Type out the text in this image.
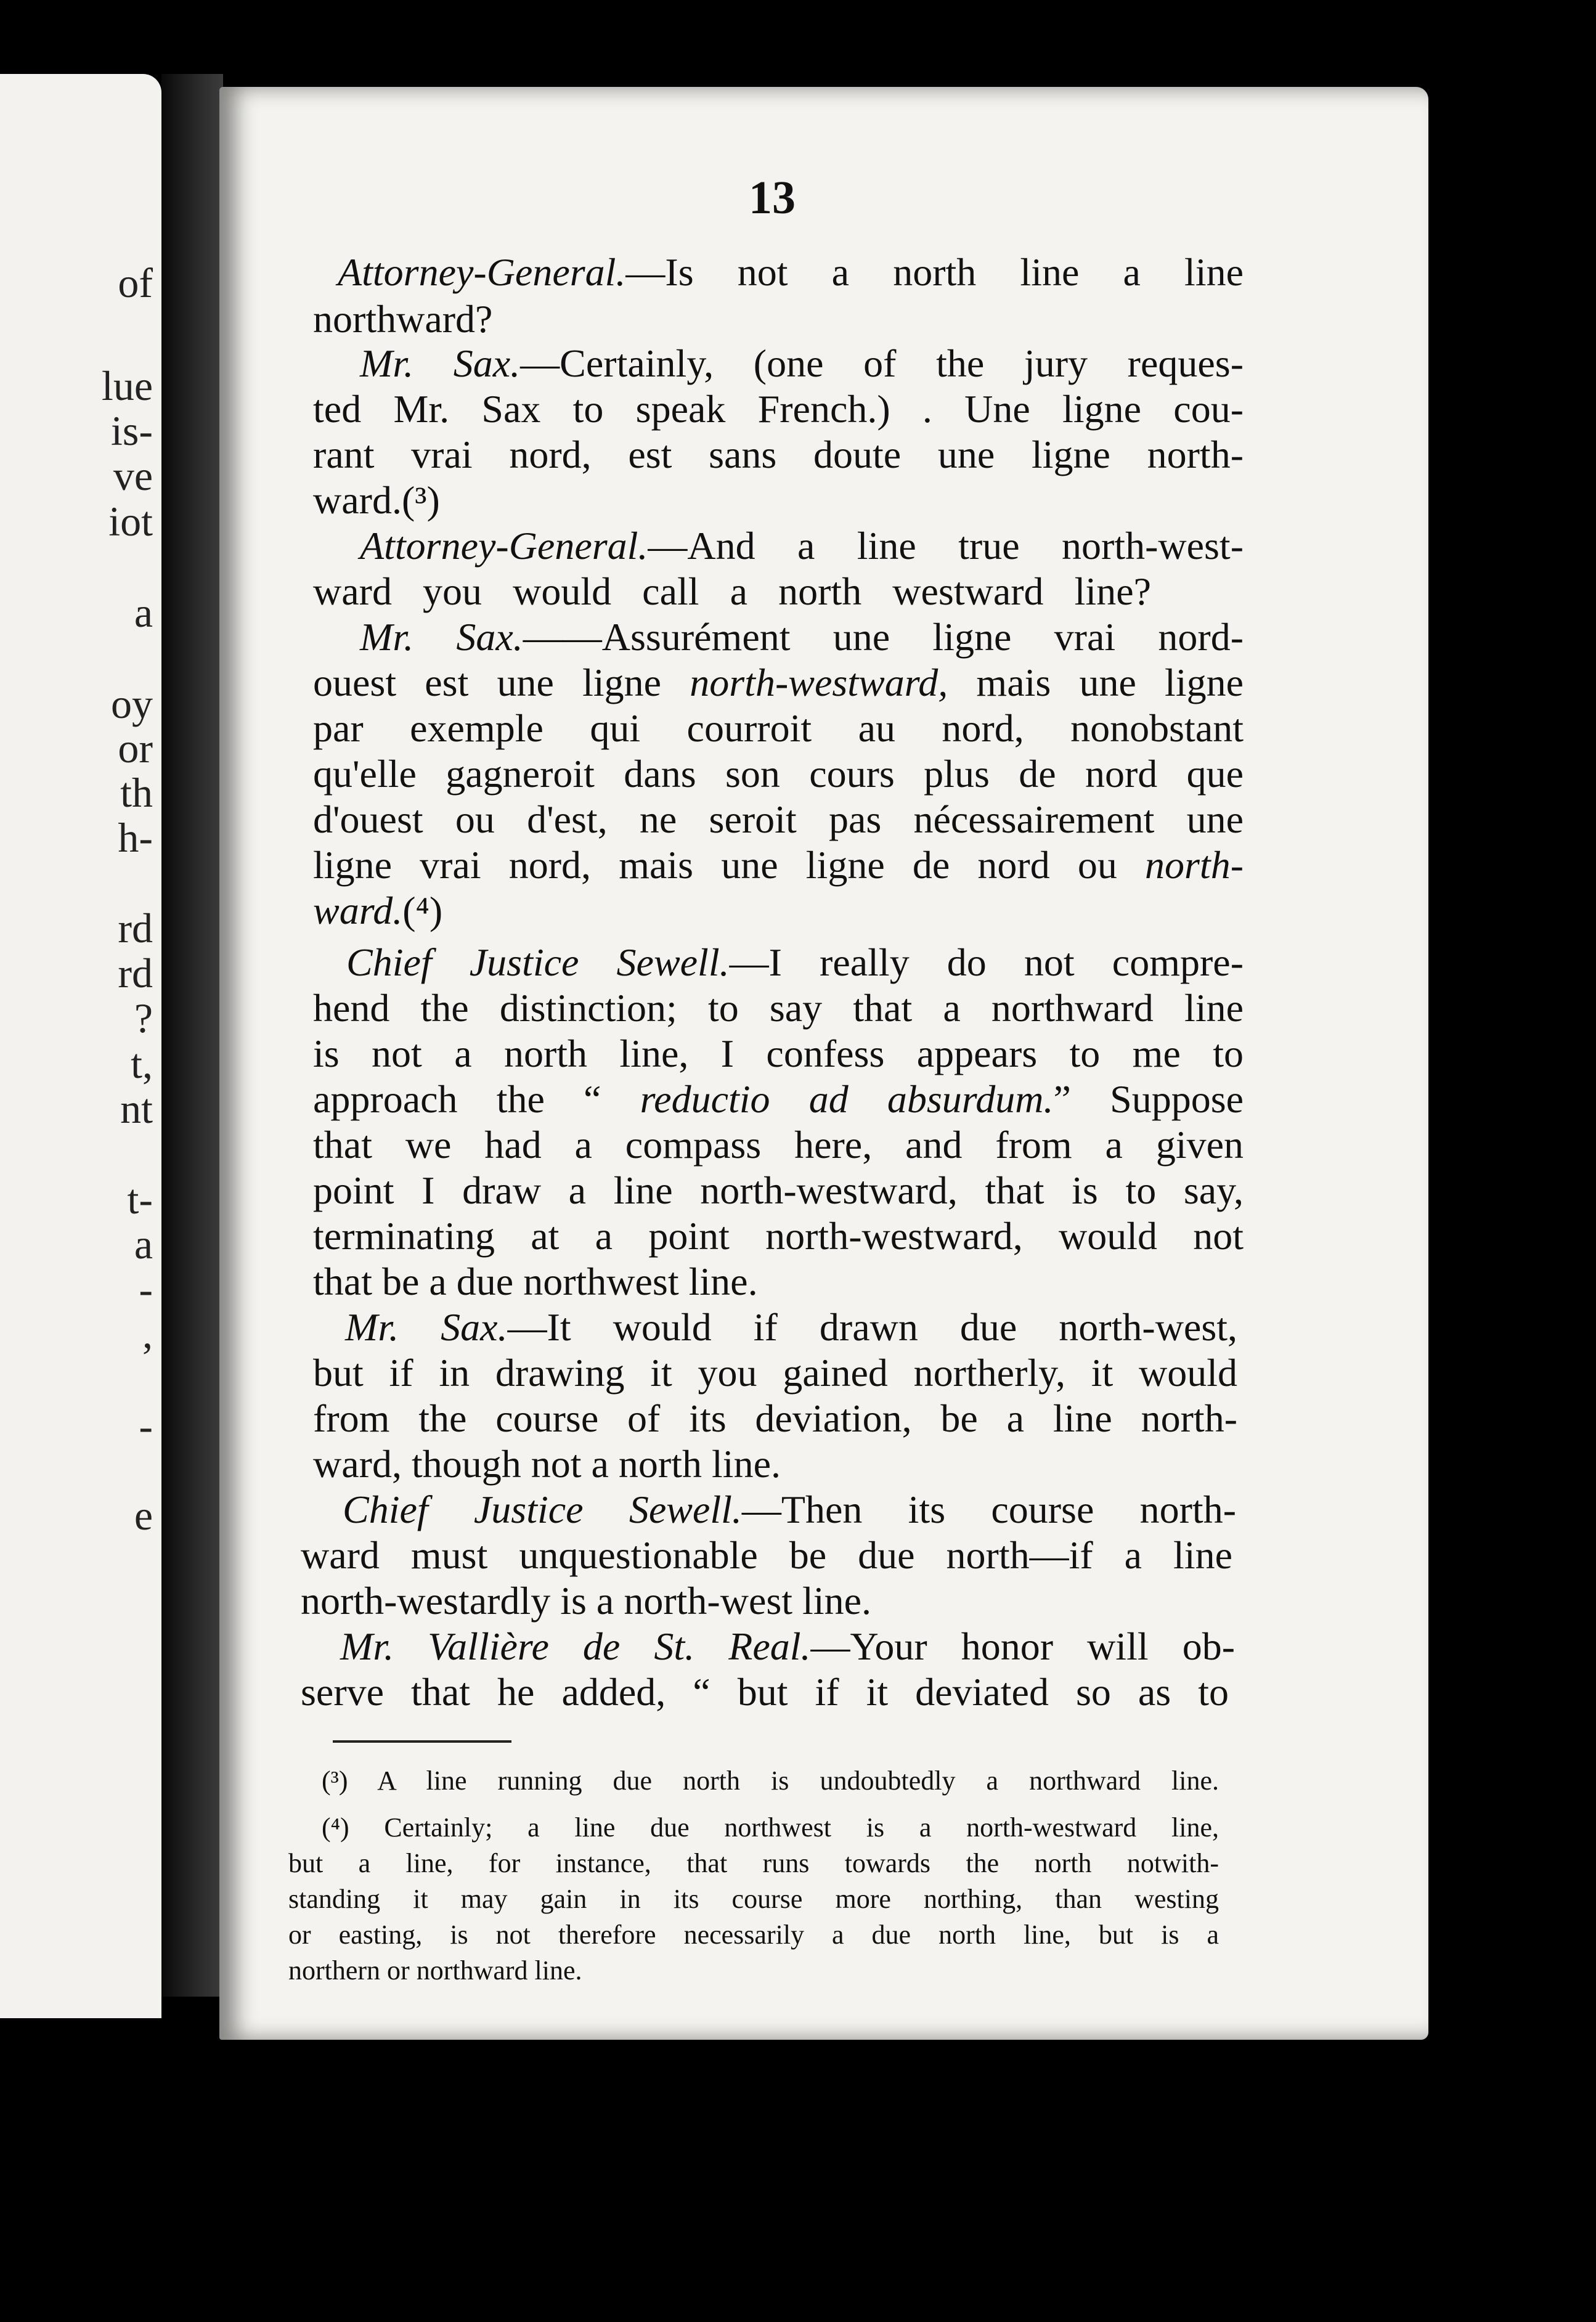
of
lue
is-
ve
iot
a
oy
or
th
h-
rd
rd
?
t,
nt
t-
a
-
,
-
e
13
Attorney-General.—Is not a north line a line
northward?
Mr. Sax.—Certainly, (one of the jury reques-
ted Mr. Sax to speak French.) . Une ligne cou-
rant vrai nord, est sans doute une ligne north-
ward.(³)
Attorney-General.—And a line true north-west-
ward you would call a north westward line?
Mr. Sax.——Assurément une ligne vrai nord-
ouest est une ligne north-westward, mais une ligne
par exemple qui courroit au nord, nonobstant
qu'elle gagneroit dans son cours plus de nord que
d'ouest ou d'est, ne seroit pas nécessairement une
ligne vrai nord, mais une ligne de nord ou north-
ward.(⁴)
Chief Justice Sewell.—I really do not compre-
hend the distinction; to say that a northward line
is not a north line, I confess appears to me to
approach the “ reductio ad absurdum.” Suppose
that we had a compass here, and from a given
point I draw a line north-westward, that is to say,
terminating at a point north-westward, would not
that be a due northwest line.
Mr. Sax.—It would if drawn due north-west,
but if in drawing it you gained northerly, it would
from the course of its deviation, be a line north-
ward, though not a north line.
Chief Justice Sewell.—Then its course north-
ward must unquestionable be due north—if a line
north-westardly is a north-west line.
Mr. Vallière de St. Real.—Your honor will ob-
serve that he added, “ but if it deviated so as to
(³) A line running due north is undoubtedly a northward line.
(⁴) Certainly; a line due northwest is a north-westward line,
but a line, for instance, that runs towards the north notwith-
standing it may gain in its course more northing, than westing
or easting, is not therefore necessarily a due north line, but is a
northern or northward line.
